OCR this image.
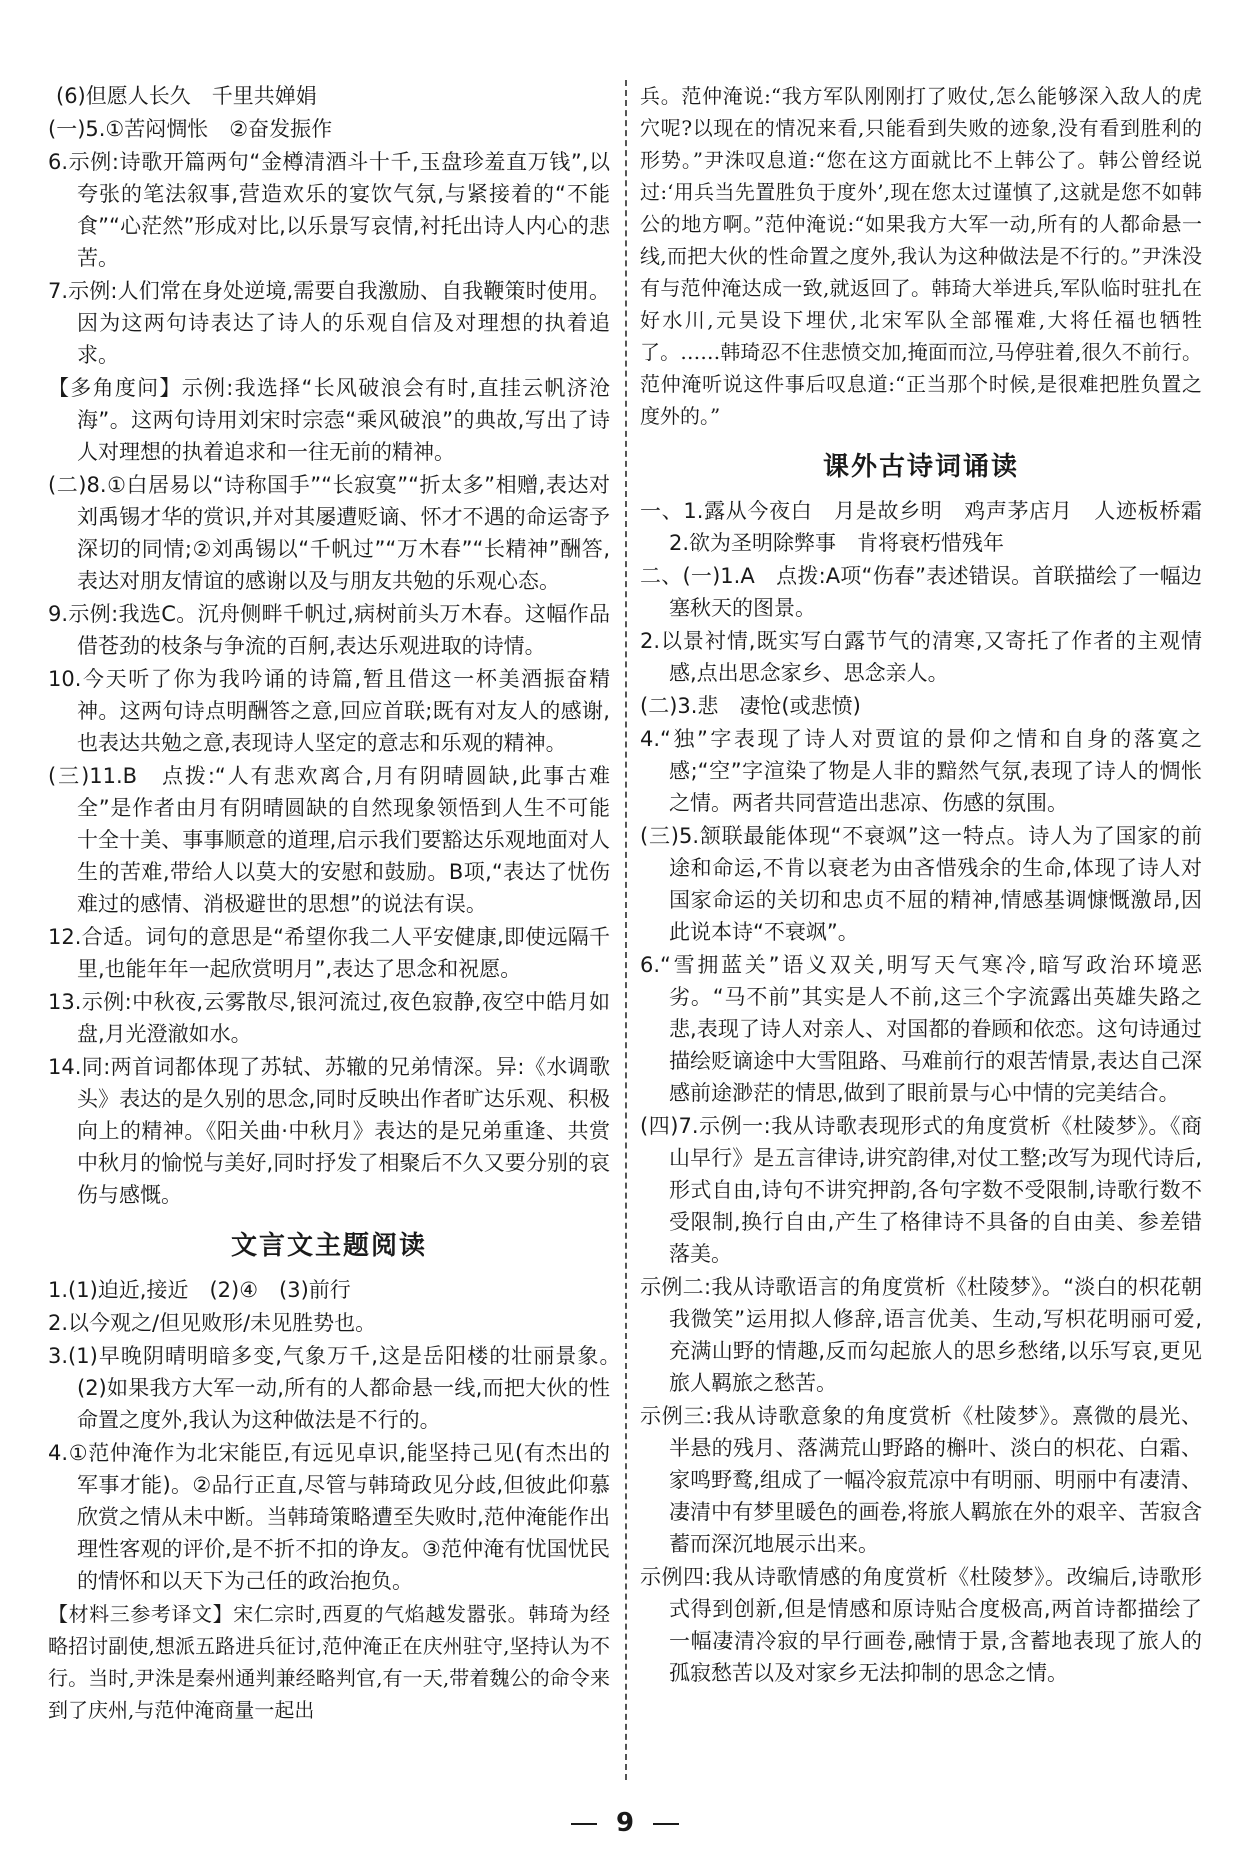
(6)但愿人长久　千里共婵娟

(一)5.①苦闷惆怅　②奋发振作

6.示例:诗歌开篇两句“金樽清酒斗十千,玉盘珍羞直万钱”,以夸张的笔法叙事,营造欢乐的宴饮气氛,与紧接着的“不能食”“心茫然”形成对比,以乐景写哀情,衬托出诗人内心的悲苦。

7.示例:人们常在身处逆境,需要自我激励、自我鞭策时使用。因为这两句诗表达了诗人的乐观自信及对理想的执着追求。

【多角度问】示例:我选择“长风破浪会有时,直挂云帆济沧海”。这两句诗用刘宋时宗悫“乘风破浪”的典故,写出了诗人对理想的执着追求和一往无前的精神。

(二)8.①白居易以“诗称国手”“长寂寞”“折太多”相赠,表达对刘禹锡才华的赏识,并对其屡遭贬谪、怀才不遇的命运寄予深切的同情;②刘禹锡以“千帆过”“万木春”“长精神”酬答,表达对朋友情谊的感谢以及与朋友共勉的乐观心态。

9.示例:我选C。沉舟侧畔千帆过,病树前头万木春。这幅作品借苍劲的枝条与争流的百舸,表达乐观进取的诗情。

10.今天听了你为我吟诵的诗篇,暂且借这一杯美酒振奋精神。这两句诗点明酬答之意,回应首联;既有对友人的感谢,也表达共勉之意,表现诗人坚定的意志和乐观的精神。

(三)11.B　点拨:“人有悲欢离合,月有阴晴圆缺,此事古难全”是作者由月有阴晴圆缺的自然现象领悟到人生不可能十全十美、事事顺意的道理,启示我们要豁达乐观地面对人生的苦难,带给人以莫大的安慰和鼓励。B项,“表达了忧伤难过的感情、消极避世的思想”的说法有误。

12.合适。词句的意思是“希望你我二人平安健康,即使远隔千里,也能年年一起欣赏明月”,表达了思念和祝愿。

13.示例:中秋夜,云雾散尽,银河流过,夜色寂静,夜空中皓月如盘,月光澄澈如水。

14.同:两首词都体现了苏轼、苏辙的兄弟情深。异:《水调歌头》表达的是久别的思念,同时反映出作者旷达乐观、积极向上的精神。《阳关曲·中秋月》表达的是兄弟重逢、共赏中秋月的愉悦与美好,同时抒发了相聚后不久又要分别的哀伤与感慨。

文言文主题阅读

1.(1)迫近,接近　(2)④　(3)前行

2.以今观之/但见败形/未见胜势也。

3.(1)早晚阴晴明暗多变,气象万千,这是岳阳楼的壮丽景象。　(2)如果我方大军一动,所有的人都命悬一线,而把大伙的性命置之度外,我认为这种做法是不行的。

4.①范仲淹作为北宋能臣,有远见卓识,能坚持己见(有杰出的军事才能)。②品行正直,尽管与韩琦政见分歧,但彼此仰慕欣赏之情从未中断。当韩琦策略遭至失败时,范仲淹能作出理性客观的评价,是不折不扣的诤友。③范仲淹有忧国忧民的情怀和以天下为己任的政治抱负。

【材料三参考译文】宋仁宗时,西夏的气焰越发嚣张。韩琦为经略招讨副使,想派五路进兵征讨,范仲淹正在庆州驻守,坚持认为不行。当时,尹洙是秦州通判兼经略判官,有一天,带着魏公的命令来到了庆州,与范仲淹商量一起出

兵。范仲淹说:“我方军队刚刚打了败仗,怎么能够深入敌人的虎穴呢?以现在的情况来看,只能看到失败的迹象,没有看到胜利的形势。”尹洙叹息道:“您在这方面就比不上韩公了。韩公曾经说过:‘用兵当先置胜负于度外’,现在您太过谨慎了,这就是您不如韩公的地方啊。”范仲淹说:“如果我方大军一动,所有的人都命悬一线,而把大伙的性命置之度外,我认为这种做法是不行的。”尹洙没有与范仲淹达成一致,就返回了。韩琦大举进兵,军队临时驻扎在好水川,元昊设下埋伏,北宋军队全部罹难,大将任福也牺牲了。……韩琦忍不住悲愤交加,掩面而泣,马停驻着,很久不前行。范仲淹听说这件事后叹息道:“正当那个时候,是很难把胜负置之度外的。”

课外古诗词诵读

一、1.露从今夜白　月是故乡明　鸡声茅店月　人迹板桥霜　2.欲为圣明除弊事　肯将衰朽惜残年

二、(一)1.A　点拨:A项“伤春”表述错误。首联描绘了一幅边塞秋天的图景。

2.以景衬情,既实写白露节气的清寒,又寄托了作者的主观情感,点出思念家乡、思念亲人。

(二)3.悲　凄怆(或悲愤)

4.“独”字表现了诗人对贾谊的景仰之情和自身的落寞之感;“空”字渲染了物是人非的黯然气氛,表现了诗人的惆怅之情。两者共同营造出悲凉、伤感的氛围。

(三)5.颔联最能体现“不衰飒”这一特点。诗人为了国家的前途和命运,不肯以衰老为由吝惜残余的生命,体现了诗人对国家命运的关切和忠贞不屈的精神,情感基调慷慨激昂,因此说本诗“不衰飒”。

6.“雪拥蓝关”语义双关,明写天气寒冷,暗写政治环境恶劣。“马不前”其实是人不前,这三个字流露出英雄失路之悲,表现了诗人对亲人、对国都的眷顾和依恋。这句诗通过描绘贬谪途中大雪阻路、马难前行的艰苦情景,表达自己深感前途渺茫的情思,做到了眼前景与心中情的完美结合。

(四)7.示例一:我从诗歌表现形式的角度赏析《杜陵梦》。《商山早行》是五言律诗,讲究韵律,对仗工整;改写为现代诗后,形式自由,诗句不讲究押韵,各句字数不受限制,诗歌行数不受限制,换行自由,产生了格律诗不具备的自由美、参差错落美。

示例二:我从诗歌语言的角度赏析《杜陵梦》。“淡白的枳花朝我微笑”运用拟人修辞,语言优美、生动,写枳花明丽可爱,充满山野的情趣,反而勾起旅人的思乡愁绪,以乐写哀,更见旅人羁旅之愁苦。

示例三:我从诗歌意象的角度赏析《杜陵梦》。熹微的晨光、半悬的残月、落满荒山野路的槲叶、淡白的枳花、白霜、家鸣野鹜,组成了一幅冷寂荒凉中有明丽、明丽中有凄清、凄清中有梦里暖色的画卷,将旅人羁旅在外的艰辛、苦寂含蓄而深沉地展示出来。

示例四:我从诗歌情感的角度赏析《杜陵梦》。改编后,诗歌形式得到创新,但是情感和原诗贴合度极高,两首诗都描绘了一幅凄清冷寂的早行画卷,融情于景,含蓄地表现了旅人的孤寂愁苦以及对家乡无法抑制的思念之情。

9
